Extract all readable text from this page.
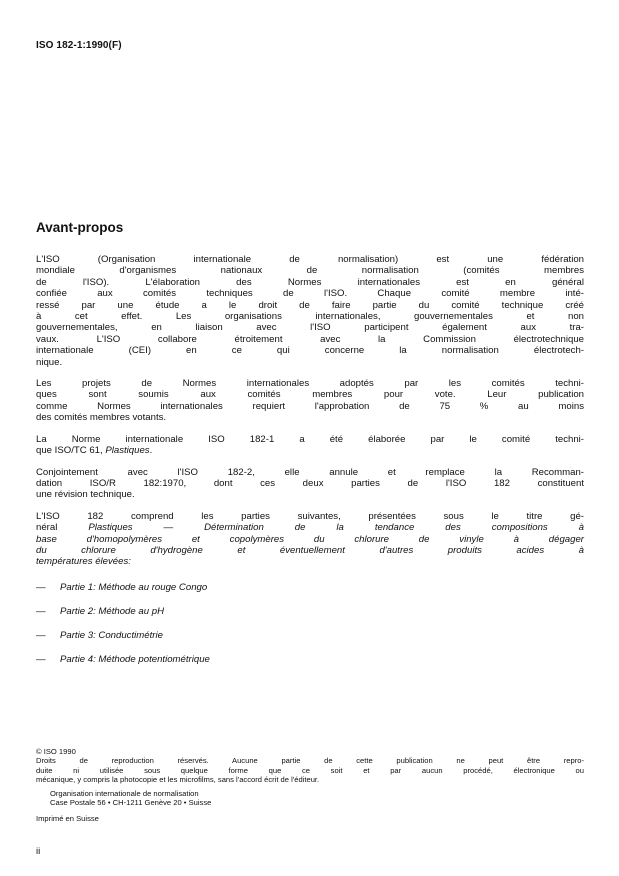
ISO 182-1:1990(F)
Avant-propos
L'ISO (Organisation internationale de normalisation) est une fédération
mondiale d'organismes nationaux de normalisation (comités membres
de l'ISO). L'élaboration des Normes internationales est en général
confiée aux comités techniques de l'ISO. Chaque comité membre inté-
ressé par une étude a le droit de faire partie du comité technique créé
à cet effet. Les organisations internationales, gouvernementales et non
gouvernementales, en liaison avec l'ISO participent également aux tra-
vaux. L'ISO collabore étroitement avec la Commission électrotechnique
internationale (CEI) en ce qui concerne la normalisation électrotech-
nique.
Les projets de Normes internationales adoptés par les comités techni-
ques sont soumis aux comités membres pour vote. Leur publication
comme Normes internationales requiert l'approbation de 75 % au moins
des comités membres votants.
La Norme internationale ISO 182-1 a été élaborée par le comité techni-
que ISO/TC 61, Plastiques.
Conjointement avec l'ISO 182-2, elle annule et remplace la Recomman-
dation ISO/R 182:1970, dont ces deux parties de l'ISO 182 constituent
une révision technique.
L'ISO 182 comprend les parties suivantes, présentées sous le titre gé-
néral Plastiques — Détermination de la tendance des compositions à
base d'homopolymères et copolymères du chlorure de vinyle à dégager
du chlorure d'hydrogène et éventuellement d'autres produits acides à
températures élevées:
— Partie 1: Méthode au rouge Congo
— Partie 2: Méthode au pH
— Partie 3: Conductimétrie
— Partie 4: Méthode potentiométrique
© ISO 1990
Droits de reproduction réservés. Aucune partie de cette publication ne peut être repro-
duite ni utilisée sous quelque forme que ce soit et par aucun procédé, électronique ou
mécanique, y compris la photocopie et les microfilms, sans l'accord écrit de l'éditeur.
Organisation internationale de normalisation
Case Postale 56 • CH-1211 Genève 20 • Suisse
Imprimé en Suisse
ii
